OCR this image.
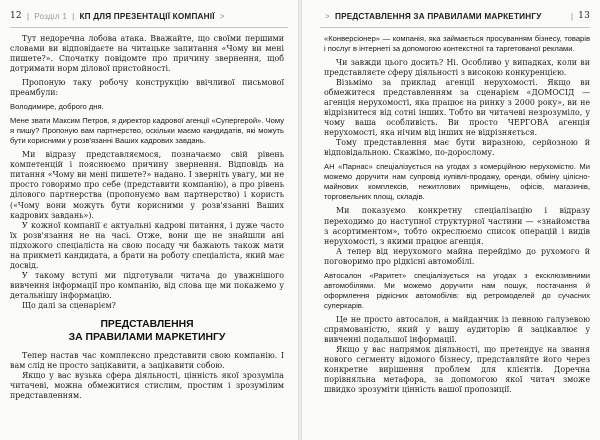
12 | Розділ 1 | КП ДЛЯ ПРЕЗЕНТАЦІЇ КОМПАНІЇ >

Тут недоречна лобова атака. Вважайте, що своїми першими словами ви відповідаєте на читацьке запитання «Чому ви мені пишете?». Спочатку повідомте про причину звернення, щоб дотримати норм ділової пристойності.

Пропоную таку робочу конструкцію ввічливої письмової преамбули:

Володимире, доброго дня.

Мене звати Максим Петров, я директор кадрової агенції «Супергерой». Чому я пишу? Пропоную вам партнерство, оскільки маємо кандидатів, які можуть бути корисними у розв'язанні Ваших кадрових завдань.

Ми відразу представляємося, позначаємо свій рівень компетенцій і пояснюємо причину звернення. Відповідь на питання «Чому ви мені пишете?» надано. І зверніть увагу, ми не просто говоримо про себе (представити компанію), а про рівень ділового партнерства (пропонуємо вам партнерство) і користь («Чому вони можуть бути корисними у розв'язанні Ваших кадрових завдань»).

У кожної компанії є актуальні кадрові питання, і дуже часто їх розв'язання не на часі. Отже, вони ще не знайшли ані підхожого спеціаліста на свою посаду чи бажають також мати на прикметі кандидата, а брати на роботу спеціаліста, який має досвід.

У такому вступі ми підготували читача до уважнішого вивчення інформації про компанію, від слова ще ми покажемо у детальнішу інформацію.

Що далі за сценарієм?

ПРЕДСТАВЛЕННЯ
ЗА ПРАВИЛАМИ МАРКЕТИНГУ

Тепер настав час комплексно представити свою компанію. І вам слід не просто зацікавити, а зацікавити собою.

Якщо у вас вузька сфера діяльності, цінність якої зрозуміла читачеві, можна обмежитися стислим, простим і зрозумілим представленням.

> ПРЕДСТАВЛЕННЯ ЗА ПРАВИЛАМИ МАРКЕТИНГУ	| 13

«Конверсіонер» — компанія, яка займається просуванням бізнесу, товарів і послуг в інтернеті за допомогою контекстної та таргетованої реклами.

Чи завжди цього досить? Ні. Особливо у випадках, коли ви представляєте сферу діяльності з високою конкуренцією.

Візьмімо за приклад агенції нерухомості. Якщо ви обмежитеся представленням за сценарієм «ДОМОСІД — агенція нерухомості, яка працює на ринку з 2000 року», ви не відрізнитеся від сотні інших. Тобто ви читачеві незрозуміло, у чому ваша особливість. Ви просто ЧЕРГОВА агенція нерухомості, яка нічим від інших не відрізняється.

Тому представлення має бути виразною, серйозною й відповідальною. Скажімо, по-дорослому.

АН «Парнас» спеціалізується на угодах з комерційною нерухомістю. Ми можемо доручити нам супровід купівлі-продажу, оренди, обміну цілісно-майнових комплексів, нежитлових приміщень, офісів, магазинів, торговельних площ, складів.

Ми показуємо конкретну спеціалізацію і відразу переходимо до наступної структурної частини — «знайомства з асортиментом», тобто окреслюємо список операцій і видів нерухомості, з якими працює агенція.

А тепер від нерухомого майна перейдімо до рухомого й поговоримо про рідкісні автомобілі.

Автосалон «Раритет» спеціалізується на угодах з ексклюзивними автомобілями. Ми можемо доручити нам пошук, постачання й оформлення рідкісних автомобілів: від ретромоделей до сучасних суперкарів.

Це не просто автосалон, а майданчик із певною галузевою спрямованістю, який у вашу аудиторію й зацікавлює у вивченні подальшої інформації.

Якщо у вас напрямок діяльності, що претендує на звання нового сегменту відомого бізнесу, представляйте його через конкретне вирішення проблем для клієнтів. Доречна порівняльна метафора, за допомогою якої читач зможе швидко зрозуміти цінність вашої пропозиції.
